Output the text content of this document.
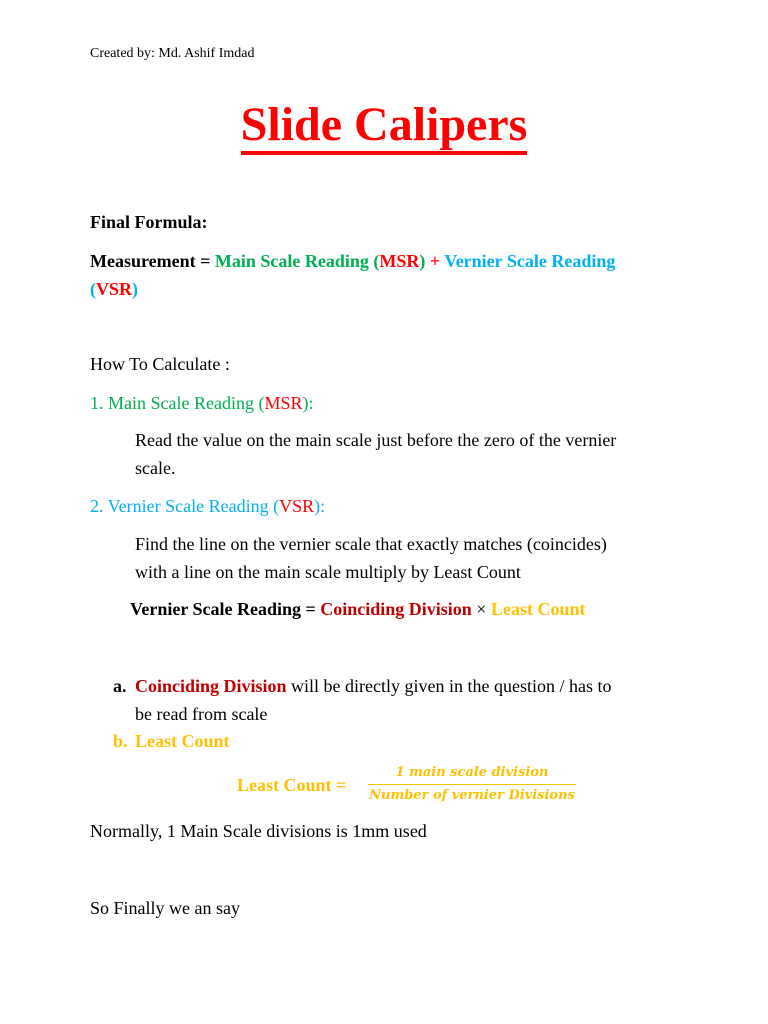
Created by: Md. Ashif Imdad
Slide Calipers
Final Formula:
Measurement = Main Scale Reading (MSR) + Vernier Scale Reading
(VSR)
How To Calculate :
1. Main Scale Reading (MSR):
Read the value on the main scale just before the zero of the vernier
scale.
2. Vernier Scale Reading (VSR):
Find the line on the vernier scale that exactly matches (coincides)
with a line on the main scale multiply by Least Count
Vernier Scale Reading = Coinciding Division × Least Count
a. Coinciding Division will be directly given in the question / has to
be read from scale
b. Least Count
Least Count =
1 main scale division
Number of vernier Divisions
Normally, 1 Main Scale divisions is 1mm used
So Finally we an say
